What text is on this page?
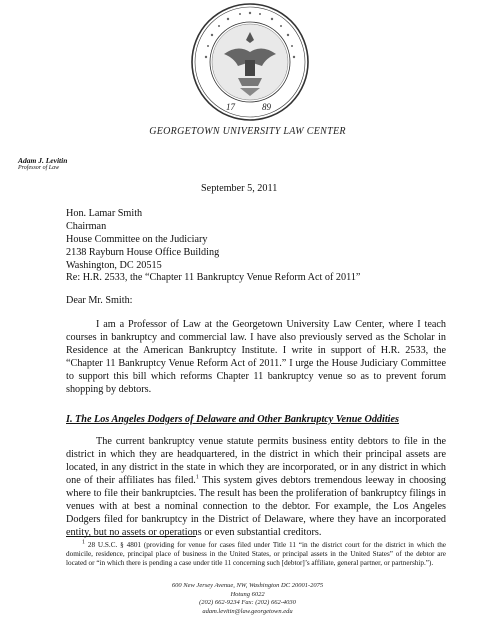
17	89
GEORGETOWN UNIVERSITY LAW CENTER
Adam J. Levitin
Professor of Law
September 5, 2011
Hon. Lamar Smith
Chairman
House Committee on the Judiciary
2138 Rayburn House Office Building
Washington, DC 20515
Re: H.R. 2533, the “Chapter 11 Bankruptcy Venue Reform Act of 2011”
Dear Mr. Smith:
I am a Professor of Law at the Georgetown University Law Center, where I teach courses in bankruptcy and commercial law. I have also previously served as the Scholar in Residence at the American Bankruptcy Institute. I write in support of H.R. 2533, the “Chapter 11 Bankruptcy Venue Reform Act of 2011.” I urge the House Judiciary Committee to support this bill which reforms Chapter 11 bankruptcy venue so as to prevent forum shopping by debtors.
I. The Los Angeles Dodgers of Delaware and Other Bankruptcy Venue Oddities
The current bankruptcy venue statute permits business entity debtors to file in the district in which they are headquartered, in the district in which their principal assets are located, in any district in the state in which they are incorporated, or in any district in which one of their affiliates has filed.$^1$ This system gives debtors tremendous leeway in choosing where to file their bankruptcies. The result has been the proliferation of bankruptcy filings in venues with at best a nominal connection to the debtor. For example, the Los Angeles Dodgers filed for bankruptcy in the District of Delaware, where they have an incorporated entity, but no assets or operations or even substantial creditors.
$^1$ 28 U.S.C. § 4801 (providing for venue for cases filed under Title 11 “in the district court for the district in which the domicile, residence, principal place of business in the United States, or principal assets in the United States” of the debtor are located or “in which there is pending a case under title 11 concerning such [debtor]’s affiliate, general partner, or partnership.”).
600 New Jersey Avenue, NW, Washington DC 20001-2075
Hotung 6022
(202) 662-9234 Fax: (202) 662-4030
adam.levitin@law.georgetown.edu
